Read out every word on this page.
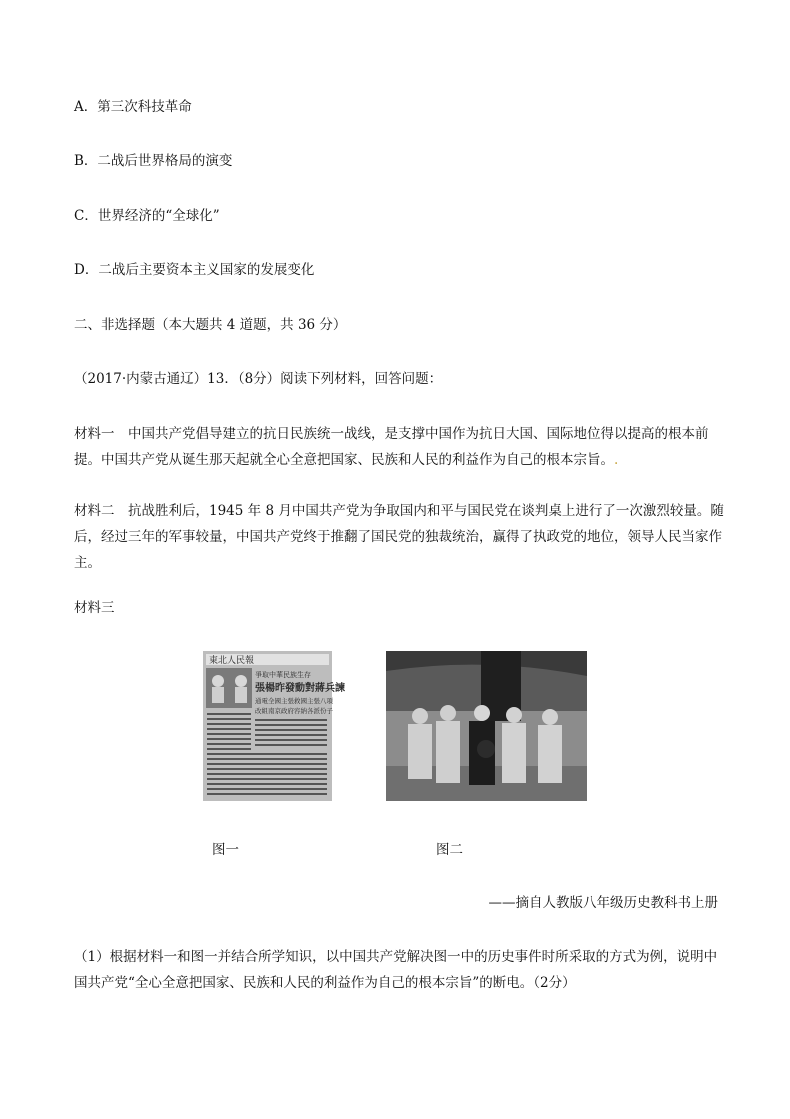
A．第三次科技革命
B．二战后世界格局的演变
C．世界经济的“全球化”
D．二战后主要资本主义国家的发展变化
二、非选择题（本大题共 4 道题，共 36 分）
（2017·内蒙古通辽）13．（8分）阅读下列材料，回答问题：
材料一　中国共产党倡导建立的抗日民族统一战线，是支撑中国作为抗日大国、国际地位得以提高的根本前提。中国共产党从诞生那天起就全心全意把国家、民族和人民的利益作为自己的根本宗旨。.
材料二　抗战胜利后，1945 年 8 月中国共产党为争取国内和平与国民党在谈判桌上进行了一次激烈较量。随后，经过三年的军事较量，中国共产党终于推翻了国民党的独裁统治，赢得了执政党的地位，领导人民当家作主。
材料三
東北人民報
爭取中華民族生存
張楊昨發動對蔣兵諫
通電全國主張救國主張八項
改組南京政府容納各派份子
图一	图二
——摘自人教版八年级历史教科书上册
（1）根据材料一和图一并结合所学知识，以中国共产党解决图一中的历史事件时所采取的方式为例，说明中国共产党“全心全意把国家、民族和人民的利益作为自己的根本宗旨”的断电。（2分）
